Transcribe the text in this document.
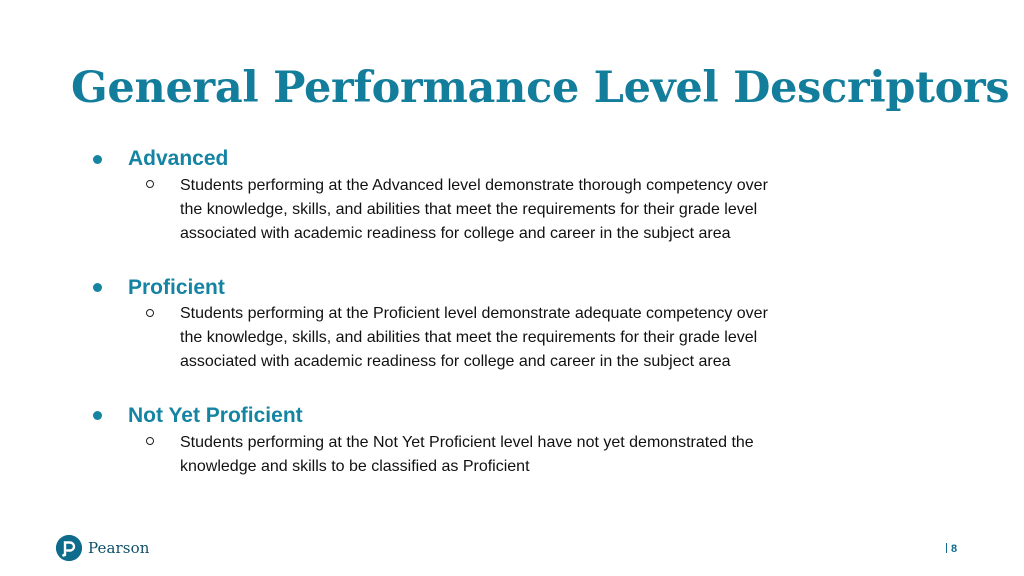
General Performance Level Descriptors
Advanced
Students performing at the Advanced level demonstrate thorough competency over the knowledge, skills, and abilities that meet the requirements for their grade level associated with academic readiness for college and career in the subject area
Proficient
Students performing at the Proficient level demonstrate adequate competency over the knowledge, skills, and abilities that meet the requirements for their grade level associated with academic readiness for college and career in the subject area
Not Yet Proficient
Students performing at the Not Yet Proficient level have not yet demonstrated the knowledge and skills to be classified as Proficient
Pearson	8
